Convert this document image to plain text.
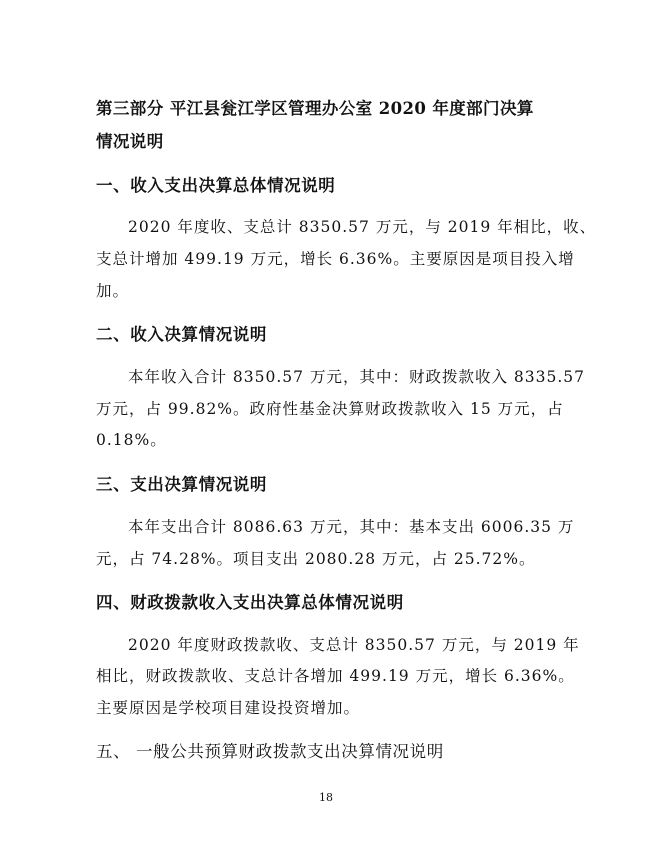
第三部分 平江县瓮江学区管理办公室 2020 年度部门决算
情况说明
一、收入支出决算总体情况说明
2020 年度收、支总计 8350.57 万元，与 2019 年相比，收、
支总计增加 499.19 万元，增长 6.36%。主要原因是项目投入增
加。
二、收入决算情况说明
本年收入合计 8350.57 万元，其中：财政拨款收入 8335.57
万元，占 99.82%。政府性基金决算财政拨款收入 15 万元，占
0.18%。
三、支出决算情况说明
本年支出合计 8086.63 万元，其中：基本支出 6006.35 万
元，占 74.28%。项目支出 2080.28 万元，占 25.72%。
四、财政拨款收入支出决算总体情况说明
2020 年度财政拨款收、支总计 8350.57 万元，与 2019 年
相比，财政拨款收、支总计各增加 499.19 万元，增长 6.36%。
主要原因是学校项目建设投资增加。
五、 一般公共预算财政拨款支出决算情况说明
18
